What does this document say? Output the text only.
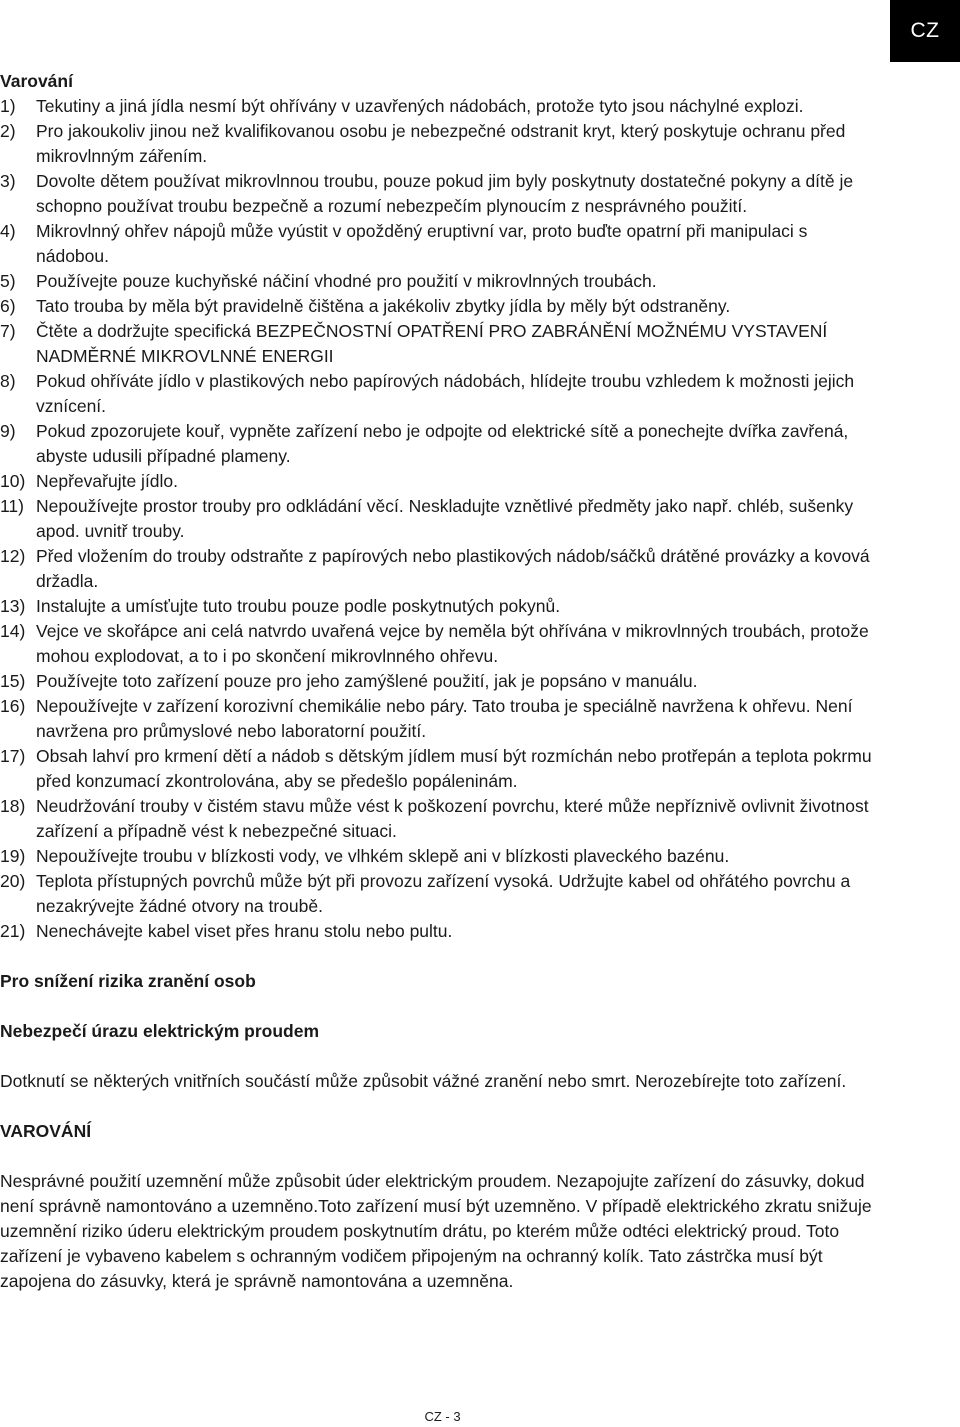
CZ

Varování

1) Tekutiny a jiná jídla nesmí být ohřívány v uzavřených nádobách, protože tyto jsou náchylné explozi.
2) Pro jakoukoliv jinou než kvalifikovanou osobu je nebezpečné odstranit kryt, který poskytuje ochranu před mikrovlnným zářením.
3) Dovolte dětem používat mikrovlnnou troubu, pouze pokud jim byly poskytnuty dostatečné pokyny a dítě je schopno používat troubu bezpečně a rozumí nebezpečím plynoucím z nesprávného použití.
4) Mikrovlnný ohřev nápojů může vyústit v opožděný eruptivní var, proto buďte opatrní při manipulaci s nádobou.
5) Používejte pouze kuchyňské náčiní vhodné pro použití v mikrovlnných troubách.
6) Tato trouba by měla být pravidelně čištěna a jakékoliv zbytky jídla by měly být odstraněny.
7) Čtěte a dodržujte specifická BEZPEČNOSTNÍ OPATŘENÍ PRO ZABRÁNĚNÍ MOŽNÉMU VYSTAVENÍ NADMĚRNÉ MIKROVLNNÉ ENERGII
8) Pokud ohříváte jídlo v plastikových nebo papírových nádobách, hlídejte troubu vzhledem k možnosti jejich vznícení.
9) Pokud zpozorujete kouř, vypněte zařízení nebo je odpojte od elektrické sítě a ponechejte dvířka zavřená, abyste udusili případné plameny.
10) Nepřevařujte jídlo.
11) Nepoužívejte prostor trouby pro odkládání věcí. Neskladujte vznětlivé předměty jako např. chléb, sušenky apod. uvnitř trouby.
12) Před vložením do trouby odstraňte z papírových nebo plastikových nádob/sáčků drátěné provázky a kovová držadla.
13) Instalujte a umísťujte tuto troubu pouze podle poskytnutých pokynů.
14) Vejce ve skořápce ani celá natvrdo uvařená vejce by neměla být ohřívána v mikrovlnných troubách, protože mohou explodovat, a to i po skončení mikrovlnného ohřevu.
15) Používejte toto zařízení pouze pro jeho zamýšlené použití, jak je popsáno v manuálu.
16) Nepoužívejte v zařízení korozivní chemikálie nebo páry. Tato trouba je speciálně navržena k ohřevu. Není navržena pro průmyslové nebo laboratorní použití.
17) Obsah lahví pro krmení dětí a nádob s dětským jídlem musí být rozmíchán nebo protřepán a teplota pokrmu před konzumací zkontrolována, aby se předešlo popáleninám.
18) Neudržování trouby v čistém stavu může vést k poškození povrchu, které může nepříznivě ovlivnit životnost zařízení a případně vést k nebezpečné situaci.
19) Nepoužívejte troubu v blízkosti vody, ve vlhkém sklepě ani v blízkosti plaveckého bazénu.
20) Teplota přístupných povrchů může být při provozu zařízení vysoká. Udržujte kabel od ohřátého povrchu a nezakrývejte žádné otvory na troubě.
21) Nenechávejte kabel viset přes hranu stolu nebo pultu.

Pro snížení rizika zranění osob

Nebezpečí úrazu elektrickým proudem

Dotknutí se některých vnitřních součástí může způsobit vážné zranění nebo smrt. Nerozebírejte toto zařízení.

VAROVÁNÍ

Nesprávné použití uzemnění může způsobit úder elektrickým proudem. Nezapojujte zařízení do zásuvky, dokud není správně namontováno a uzemněno.Toto zařízení musí být uzemněno. V případě elektrického zkratu snižuje uzemnění riziko úderu elektrickým proudem poskytnutím drátu, po kterém může odtéci elektrický proud. Toto zařízení je vybaveno kabelem s ochranným vodičem připojeným na ochranný kolík. Tato zástrčka musí být zapojena do zásuvky, která je správně namontována a uzemněna.

CZ - 3
